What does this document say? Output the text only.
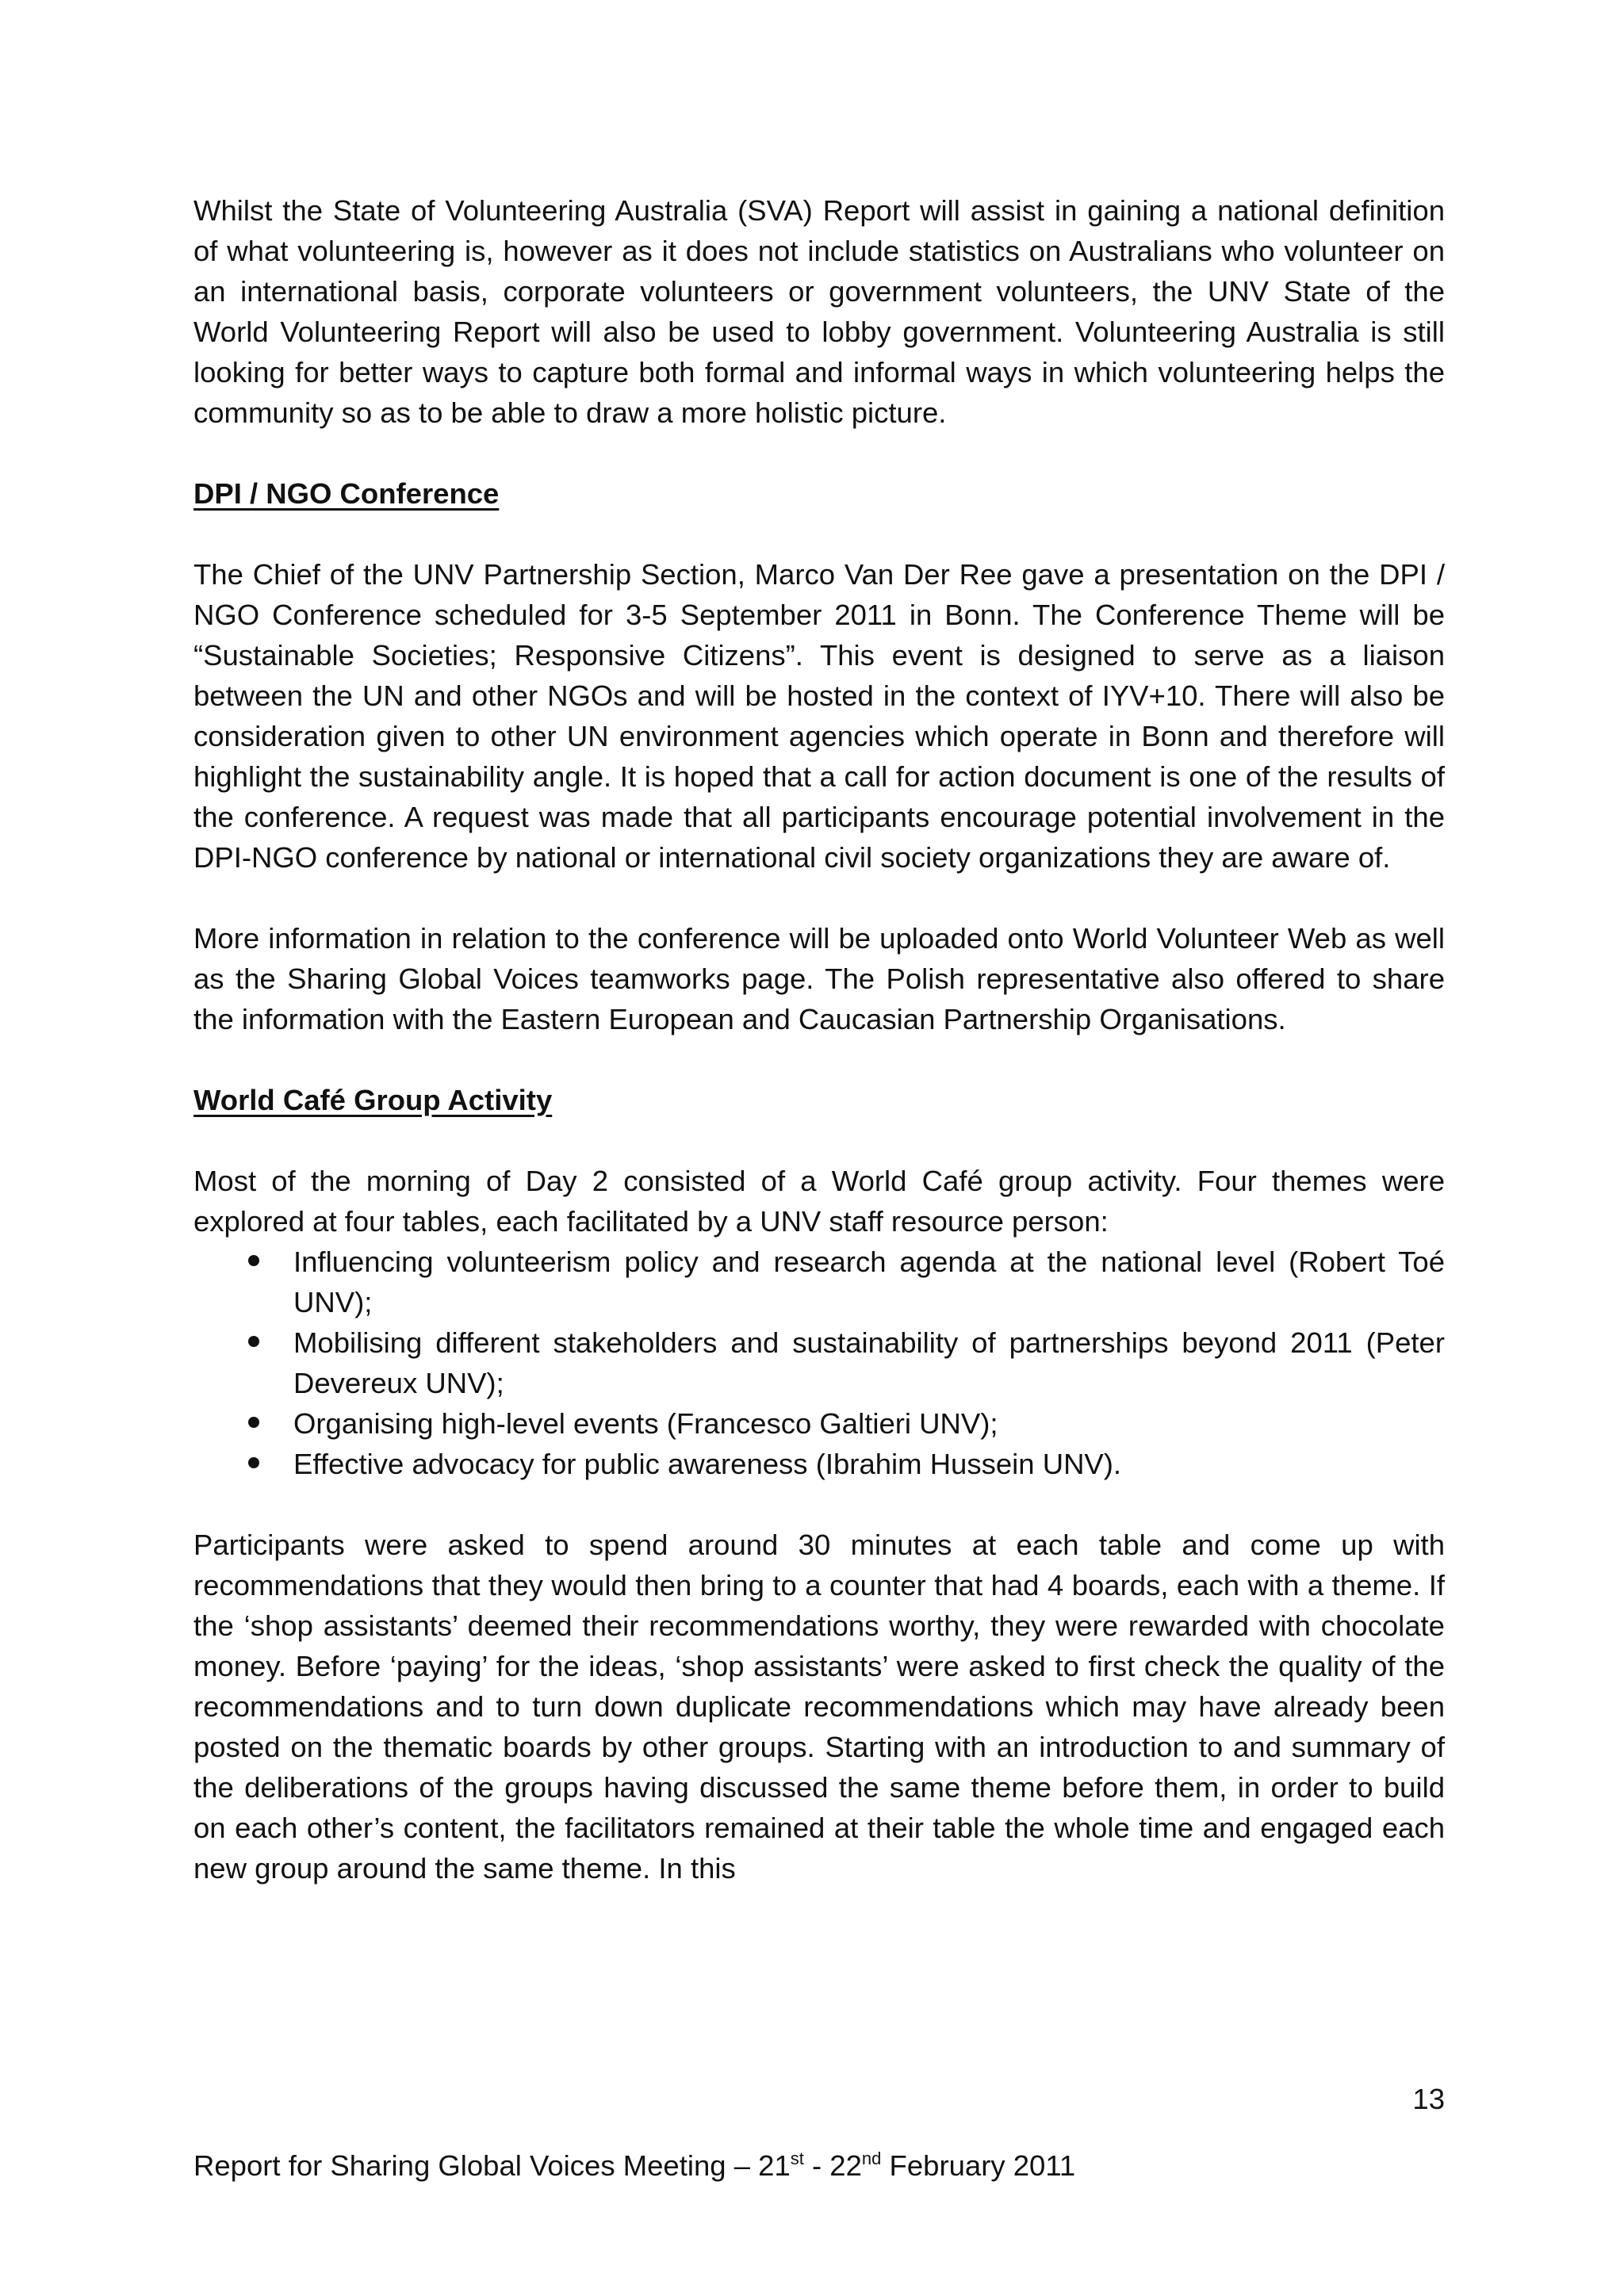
Whilst the State of Volunteering Australia (SVA) Report will assist in gaining a national definition of what volunteering is, however as it does not include statistics on Australians who volunteer on an international basis, corporate volunteers or government volunteers, the UNV State of the World Volunteering Report will also be used to lobby government. Volunteering Australia is still looking for better ways to capture both formal and informal ways in which volunteering helps the community so as to be able to draw a more holistic picture.

DPI / NGO Conference

The Chief of the UNV Partnership Section, Marco Van Der Ree gave a presentation on the DPI / NGO Conference scheduled for 3-5 September 2011 in Bonn. The Conference Theme will be “Sustainable Societies; Responsive Citizens”. This event is designed to serve as a liaison between the UN and other NGOs and will be hosted in the context of IYV+10. There will also be consideration given to other UN environment agencies which operate in Bonn and therefore will highlight the sustainability angle. It is hoped that a call for action document is one of the results of the conference. A request was made that all participants encourage potential involvement in the DPI-NGO conference by national or international civil society organizations they are aware of.

More information in relation to the conference will be uploaded onto World Volunteer Web as well as the Sharing Global Voices teamworks page. The Polish representative also offered to share the information with the Eastern European and Caucasian Partnership Organisations.

World Café Group Activity

Most of the morning of Day 2 consisted of a World Café group activity. Four themes were explored at four tables, each facilitated by a UNV staff resource person:

Influencing volunteerism policy and research agenda at the national level (Robert Toé UNV);
Mobilising different stakeholders and sustainability of partnerships beyond 2011 (Peter Devereux UNV);
Organising high-level events (Francesco Galtieri UNV);
Effective advocacy for public awareness (Ibrahim Hussein UNV).

Participants were asked to spend around 30 minutes at each table and come up with recommendations that they would then bring to a counter that had 4 boards, each with a theme. If the ‘shop assistants’ deemed their recommendations worthy, they were rewarded with chocolate money. Before ‘paying’ for the ideas, ‘shop assistants’ were asked to first check the quality of the recommendations and to turn down duplicate recommendations which may have already been posted on the thematic boards by other groups. Starting with an introduction to and summary of the deliberations of the groups having discussed the same theme before them, in order to build on each other’s content, the facilitators remained at their table the whole time and engaged each new group around the same theme. In this

13
Report for Sharing Global Voices Meeting – 21st - 22nd February 2011
